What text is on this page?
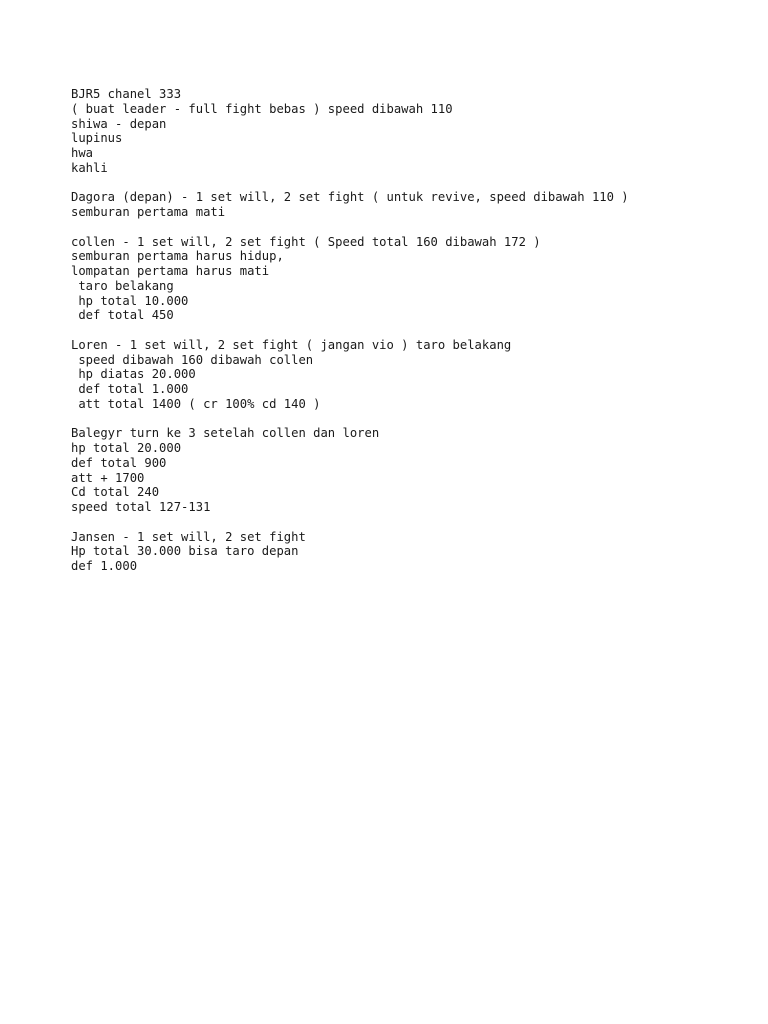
BJR5 chanel 333
( buat leader - full fight bebas ) speed dibawah 110
shiwa - depan
lupinus
hwa
kahli
Dagora (depan) - 1 set will, 2 set fight ( untuk revive, speed dibawah 110 )
semburan pertama mati
collen - 1 set will, 2 set fight ( Speed total 160 dibawah 172 )
semburan pertama harus hidup,
lompatan pertama harus mati
taro belakang
hp total 10.000
def total 450
Loren - 1 set will, 2 set fight ( jangan vio ) taro belakang
speed dibawah 160 dibawah collen
hp diatas 20.000
def total 1.000
att total 1400 ( cr 100% cd 140 )
Balegyr turn ke 3 setelah collen dan loren
hp total 20.000
def total 900
att + 1700
Cd total 240
speed total 127-131
Jansen - 1 set will, 2 set fight
Hp total 30.000 bisa taro depan
def 1.000
